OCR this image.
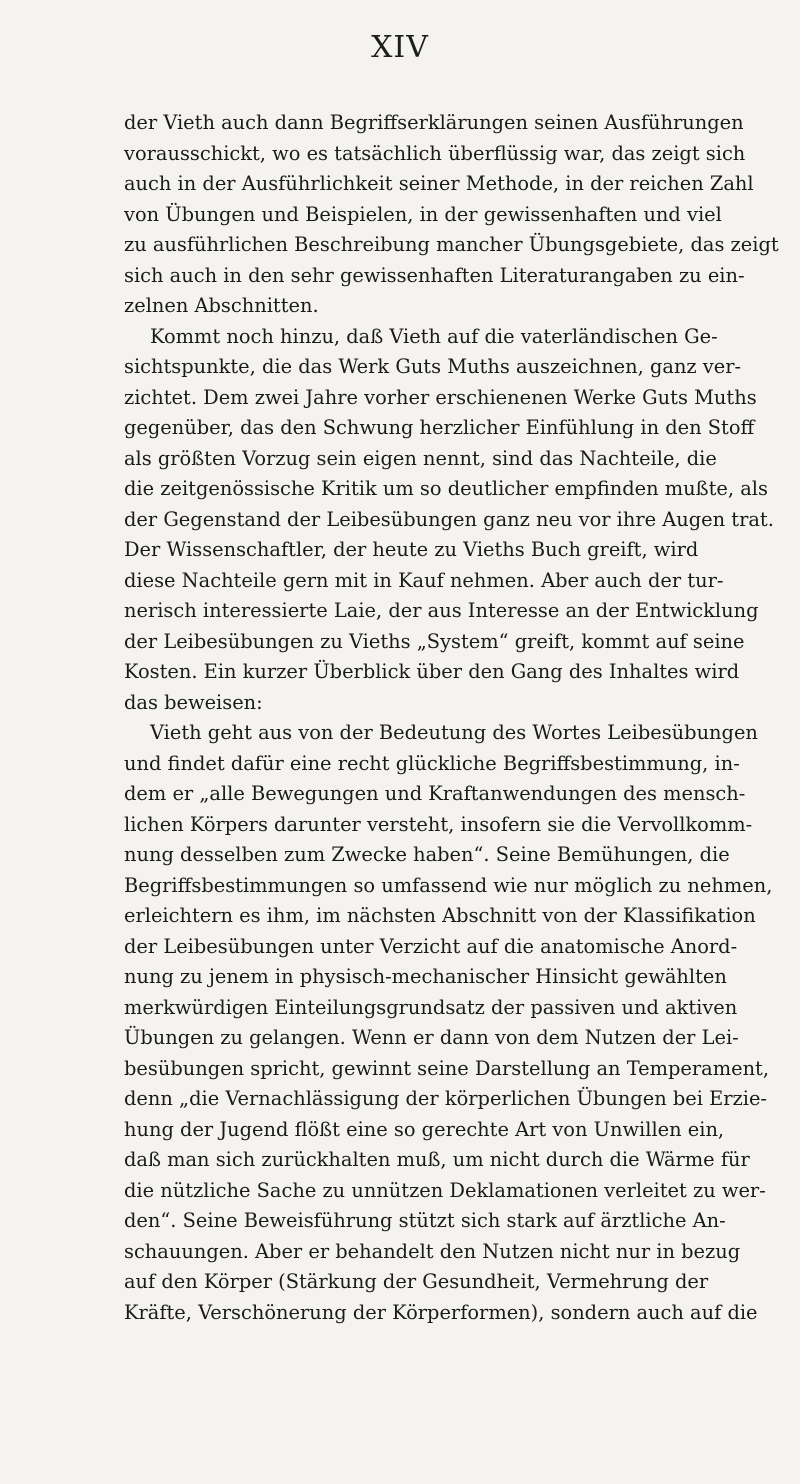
XIV
der Vieth auch dann Begriffserklärungen seinen Ausführungen
vorausschickt, wo es tatsächlich überflüssig war, das zeigt sich
auch in der Ausführlichkeit seiner Methode, in der reichen Zahl
von Übungen und Beispielen, in der gewissenhaften und viel
zu ausführlichen Beschreibung mancher Übungsgebiete, das zeigt
sich auch in den sehr gewissenhaften Literaturangaben zu ein-
zelnen Abschnitten.
Kommt noch hinzu, daß Vieth auf die vaterländischen Ge-
sichtspunkte, die das Werk Guts Muths auszeichnen, ganz ver-
zichtet. Dem zwei Jahre vorher erschienenen Werke Guts Muths
gegenüber, das den Schwung herzlicher Einfühlung in den Stoff
als größten Vorzug sein eigen nennt, sind das Nachteile, die
die zeitgenössische Kritik um so deutlicher empfinden mußte, als
der Gegenstand der Leibesübungen ganz neu vor ihre Augen trat.
Der Wissenschaftler, der heute zu Vieths Buch greift, wird
diese Nachteile gern mit in Kauf nehmen. Aber auch der tur-
nerisch interessierte Laie, der aus Interesse an der Entwicklung
der Leibesübungen zu Vieths „System“ greift, kommt auf seine
Kosten. Ein kurzer Überblick über den Gang des Inhaltes wird
das beweisen:
Vieth geht aus von der Bedeutung des Wortes Leibesübungen
und findet dafür eine recht glückliche Begriffsbestimmung, in-
dem er „alle Bewegungen und Kraftanwendungen des mensch-
lichen Körpers darunter versteht, insofern sie die Vervollkomm-
nung desselben zum Zwecke haben“. Seine Bemühungen, die
Begriffsbestimmungen so umfassend wie nur möglich zu nehmen,
erleichtern es ihm, im nächsten Abschnitt von der Klassifikation
der Leibesübungen unter Verzicht auf die anatomische Anord-
nung zu jenem in physisch-mechanischer Hinsicht gewählten
merkwürdigen Einteilungsgrundsatz der passiven und aktiven
Übungen zu gelangen. Wenn er dann von dem Nutzen der Lei-
besübungen spricht, gewinnt seine Darstellung an Temperament,
denn „die Vernachlässigung der körperlichen Übungen bei Erzie-
hung der Jugend flößt eine so gerechte Art von Unwillen ein,
daß man sich zurückhalten muß, um nicht durch die Wärme für
die nützliche Sache zu unnützen Deklamationen verleitet zu wer-
den“. Seine Beweisführung stützt sich stark auf ärztliche An-
schauungen. Aber er behandelt den Nutzen nicht nur in bezug
auf den Körper (Stärkung der Gesundheit, Vermehrung der
Kräfte, Verschönerung der Körperformen), sondern auch auf die
